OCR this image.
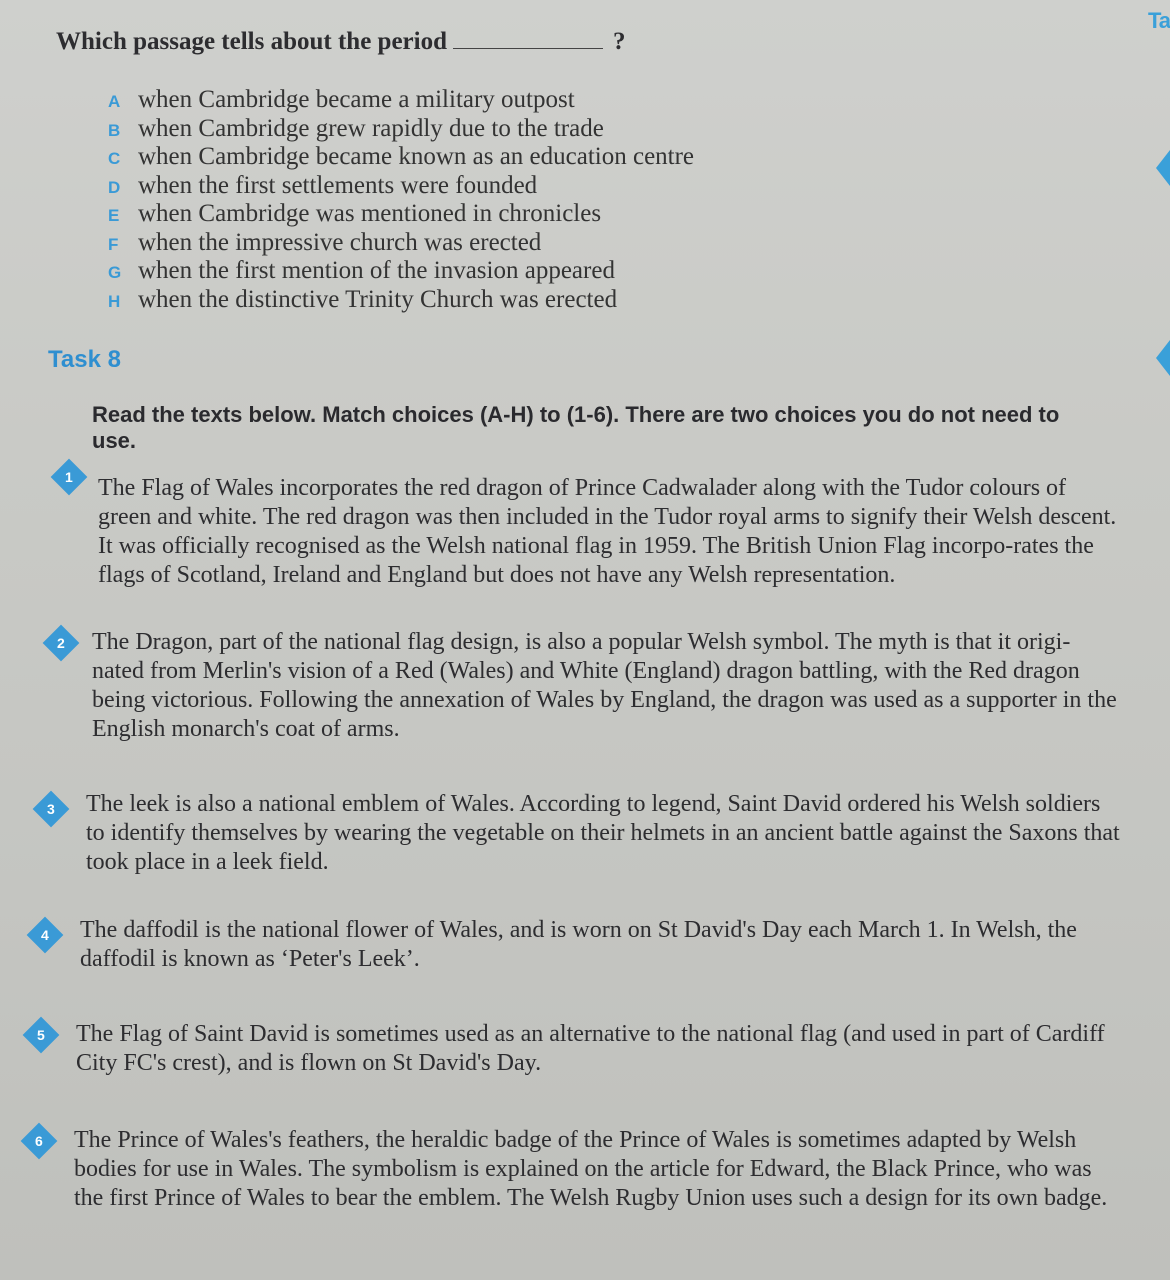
Ta
Which passage tells about the period	?
A when Cambridge became a military outpost
B when Cambridge grew rapidly due to the trade
C when Cambridge became known as an education centre
D when the first settlements were founded
E when Cambridge was mentioned in chronicles
F when the impressive church was erected
G when the first mention of the invasion appeared
H when the distinctive Trinity Church was erected
Task 8
Read the texts below. Match choices (A-H) to (1-6). There are two choices you do not need to use.
1 The Flag of Wales incorporates the red dragon of Prince Cadwalader along with the Tudor colours of green and white. The red dragon was then included in the Tudor royal arms to signify their Welsh descent. It was officially recognised as the Welsh national flag in 1959. The British Union Flag incorpo-rates the flags of Scotland, Ireland and England but does not have any Welsh representation.
2 The Dragon, part of the national flag design, is also a popular Welsh symbol. The myth is that it origi-nated from Merlin's vision of a Red (Wales) and White (England) dragon battling, with the Red dragon being victorious. Following the annexation of Wales by England, the dragon was used as a supporter in the English monarch's coat of arms.
3 The leek is also a national emblem of Wales. According to legend, Saint David ordered his Welsh soldiers to identify themselves by wearing the vegetable on their helmets in an ancient battle against the Saxons that took place in a leek field.
4 The daffodil is the national flower of Wales, and is worn on St David's Day each March 1. In Welsh, the daffodil is known as ‘Peter's Leek’.
5 The Flag of Saint David is sometimes used as an alternative to the national flag (and used in part of Cardiff City FC's crest), and is flown on St David's Day.
6 The Prince of Wales's feathers, the heraldic badge of the Prince of Wales is sometimes adapted by Welsh bodies for use in Wales. The symbolism is explained on the article for Edward, the Black Prince, who was the first Prince of Wales to bear the emblem. The Welsh Rugby Union uses such a design for its own badge.
